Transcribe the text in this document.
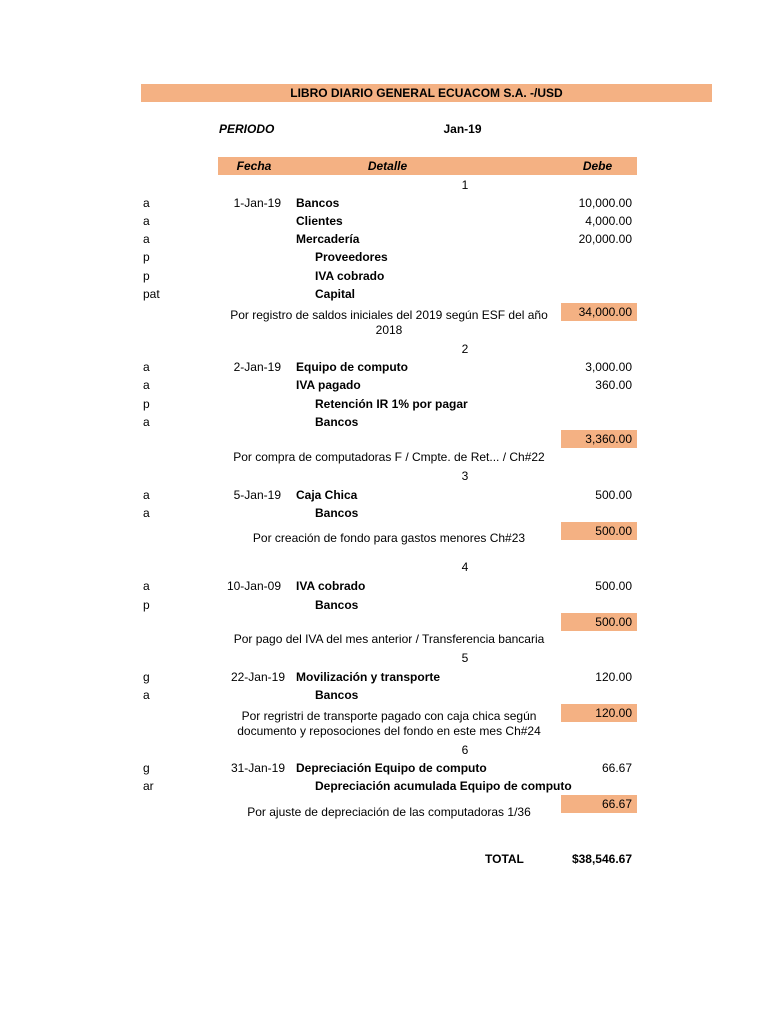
LIBRO DIARIO GENERAL ECUACOM S.A. -/USD
PERIODO	Jan-19
Fecha	Detalle	Debe
1
a	1-Jan-19 Bancos	10,000.00
a	Clientes	4,000.00
a	Mercadería	20,000.00
p	Proveedores
p	IVA cobrado
pat	Capital
34,000.00
Por registro de saldos iniciales del 2019 según ESF del año 2018
2
a	2-Jan-19 Equipo de computo	3,000.00
a	IVA pagado	360.00
p	Retención IR 1% por pagar
a	Bancos
3,360.00
Por compra de computadoras F / Cmpte. de Ret... / Ch#22
3
a	5-Jan-19 Caja Chica	500.00
a	Bancos
500.00
Por creación de fondo para gastos menores Ch#23
4
a	10-Jan-09 IVA cobrado	500.00
p	Bancos
500.00
Por pago del IVA del mes anterior / Transferencia bancaria
5
g	22-Jan-19 Movilización y transporte	120.00
a	Bancos
120.00
Por regristri de transporte pagado con caja chica según documento y reposociones del fondo en este mes Ch#24
6
g	31-Jan-19 Depreciación Equipo de computo	66.67
ar	Depreciación acumulada Equipo de computo
66.67
Por ajuste de depreciación de las computadoras 1/36
TOTAL	$38,546.67
